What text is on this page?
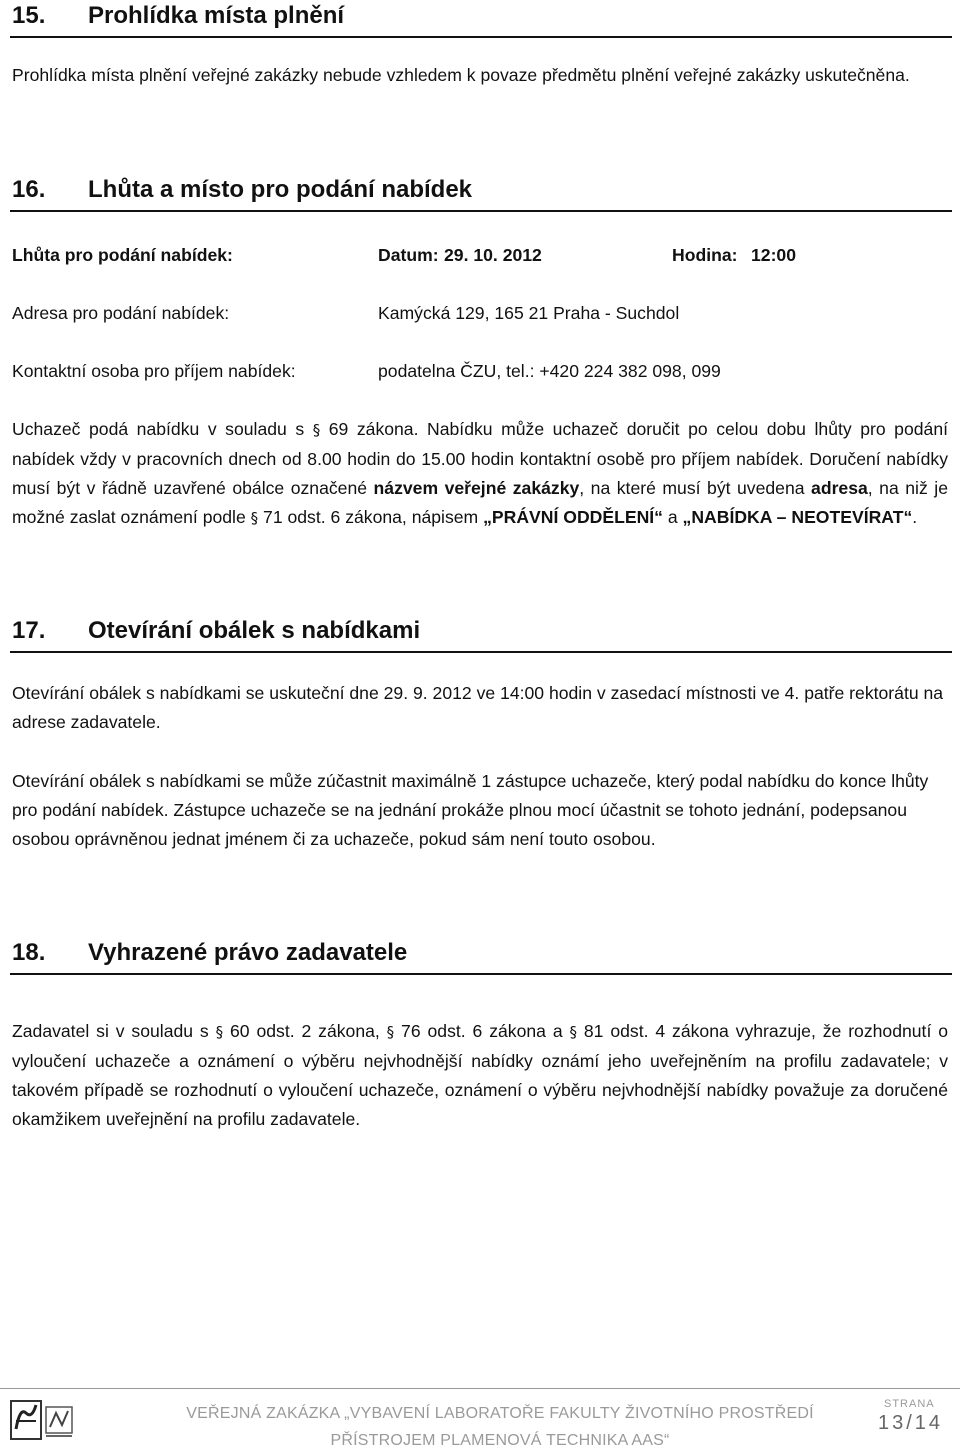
15. Prohlídka místa plnění
Prohlídka místa plnění veřejné zakázky nebude vzhledem k povaze předmětu plnění veřejné zakázky uskutečněna.
16. Lhůta a místo pro podání nabídek
Lhůta pro podání nabídek:	Datum: 29. 10. 2012	Hodina: 12:00
Adresa pro podání nabídek:	Kamýcká 129, 165 21 Praha - Suchdol
Kontaktní osoba pro příjem nabídek:	podatelna ČZU, tel.: +420 224 382 098, 099
Uchazeč podá nabídku v souladu s § 69 zákona. Nabídku může uchazeč doručit po celou dobu lhůty pro podání nabídek vždy v pracovních dnech od 8.00 hodin do 15.00 hodin kontaktní osobě pro příjem nabídek. Doručení nabídky musí být v řádně uzavřené obálce označené názvem veřejné zakázky, na které musí být uvedena adresa, na niž je možné zaslat oznámení podle § 71 odst. 6 zákona, nápisem „PRÁVNÍ ODDĚLENÍ“ a „NABÍDKA – NEOTEVÍRAT“.
17. Otevírání obálek s nabídkami
Otevírání obálek s nabídkami se uskuteční dne 29. 9. 2012 ve 14:00 hodin v zasedací místnosti ve 4. patře rektorátu na adrese zadavatele.
Otevírání obálek s nabídkami se může zúčastnit maximálně 1 zástupce uchazeče, který podal nabídku do konce lhůty pro podání nabídek. Zástupce uchazeče se na jednání prokáže plnou mocí účastnit se tohoto jednání, podepsanou osobou oprávněnou jednat jménem či za uchazeče, pokud sám není touto osobou.
18. Vyhrazené právo zadavatele
Zadavatel si v souladu s § 60 odst. 2 zákona, § 76 odst. 6 zákona a § 81 odst. 4 zákona vyhrazuje, že rozhodnutí o vyloučení uchazeče a oznámení o výběru nejvhodnější nabídky oznámí jeho uveřejněním na profilu zadavatele; v takovém případě se rozhodnutí o vyloučení uchazeče, oznámení o výběru nejvhodnější nabídky považuje za doručené okamžikem uveřejnění na profilu zadavatele.
VEŘEJNÁ ZAKÁZKA „VYBAVENÍ LABORATOŘE FAKULTY ŽIVOTNÍHO PROSTŘEDÍ
PŘÍSTROJEM PLAMENOVÁ TECHNIKA AAS“
STRANA
13/14
